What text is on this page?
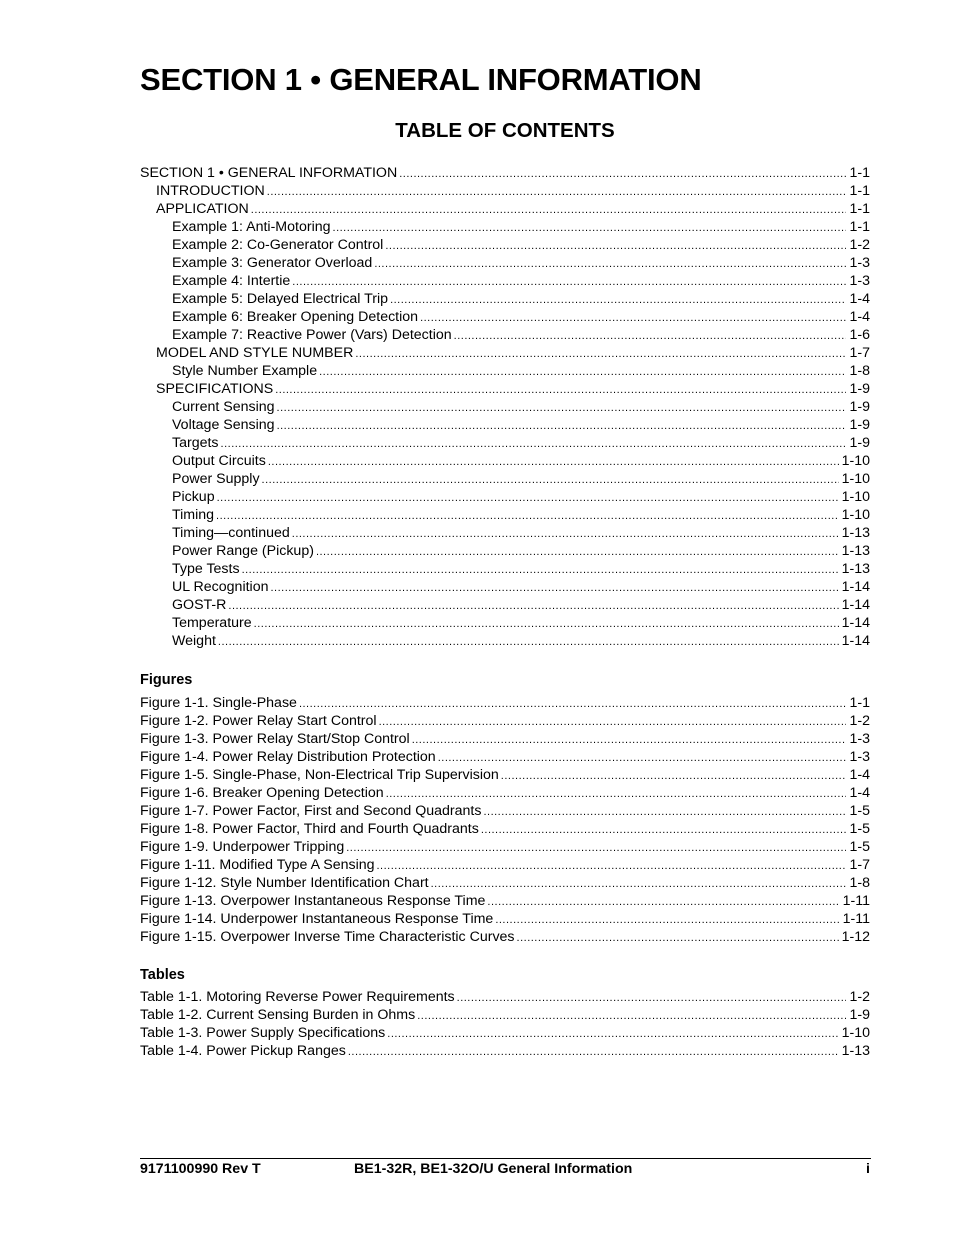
SECTION 1 • GENERAL INFORMATION
TABLE OF CONTENTS
SECTION 1 • GENERAL INFORMATION .....	1-1
INTRODUCTION .....	1-1
APPLICATION .....	1-1
Example 1: Anti-Motoring .....	1-1
Example 2: Co-Generator Control .....	1-2
Example 3: Generator Overload .....	1-3
Example 4: Intertie .....	1-3
Example 5: Delayed Electrical Trip .....	1-4
Example 6: Breaker Opening Detection .....	1-4
Example 7: Reactive Power (Vars) Detection .....	1-6
MODEL AND STYLE NUMBER .....	1-7
Style Number Example .....	1-8
SPECIFICATIONS .....	1-9
Current Sensing .....	1-9
Voltage Sensing .....	1-9
Targets .....	1-9
Output Circuits .....	1-10
Power Supply .....	1-10
Pickup .....	1-10
Timing .....	1-10
Timing—continued .....	1-13
Power Range (Pickup) .....	1-13
Type Tests .....	1-13
UL Recognition .....	1-14
GOST-R .....	1-14
Temperature .....	1-14
Weight .....	1-14
Figures
Figure 1-1. Single-Phase .....	1-1
Figure 1-2. Power Relay Start Control .....	1-2
Figure 1-3. Power Relay Start/Stop Control .....	1-3
Figure 1-4. Power Relay Distribution Protection .....	1-3
Figure 1-5. Single-Phase, Non-Electrical Trip Supervision .....	1-4
Figure 1-6. Breaker Opening Detection .....	1-4
Figure 1-7. Power Factor, First and Second Quadrants .....	1-5
Figure 1-8. Power Factor, Third and Fourth Quadrants .....	1-5
Figure 1-9. Underpower Tripping .....	1-5
Figure 1-11. Modified Type A Sensing .....	1-7
Figure 1-12. Style Number Identification Chart .....	1-8
Figure 1-13. Overpower Instantaneous Response Time .....	1-11
Figure 1-14. Underpower Instantaneous Response Time .....	1-11
Figure 1-15. Overpower Inverse Time Characteristic Curves .....	1-12
Tables
Table 1-1. Motoring Reverse Power Requirements .....	1-2
Table 1-2. Current Sensing Burden in Ohms .....	1-9
Table 1-3. Power Supply Specifications .....	1-10
Table 1-4. Power Pickup Ranges .....	1-13
9171100990 Rev T	BE1-32R, BE1-32O/U General Information	i
